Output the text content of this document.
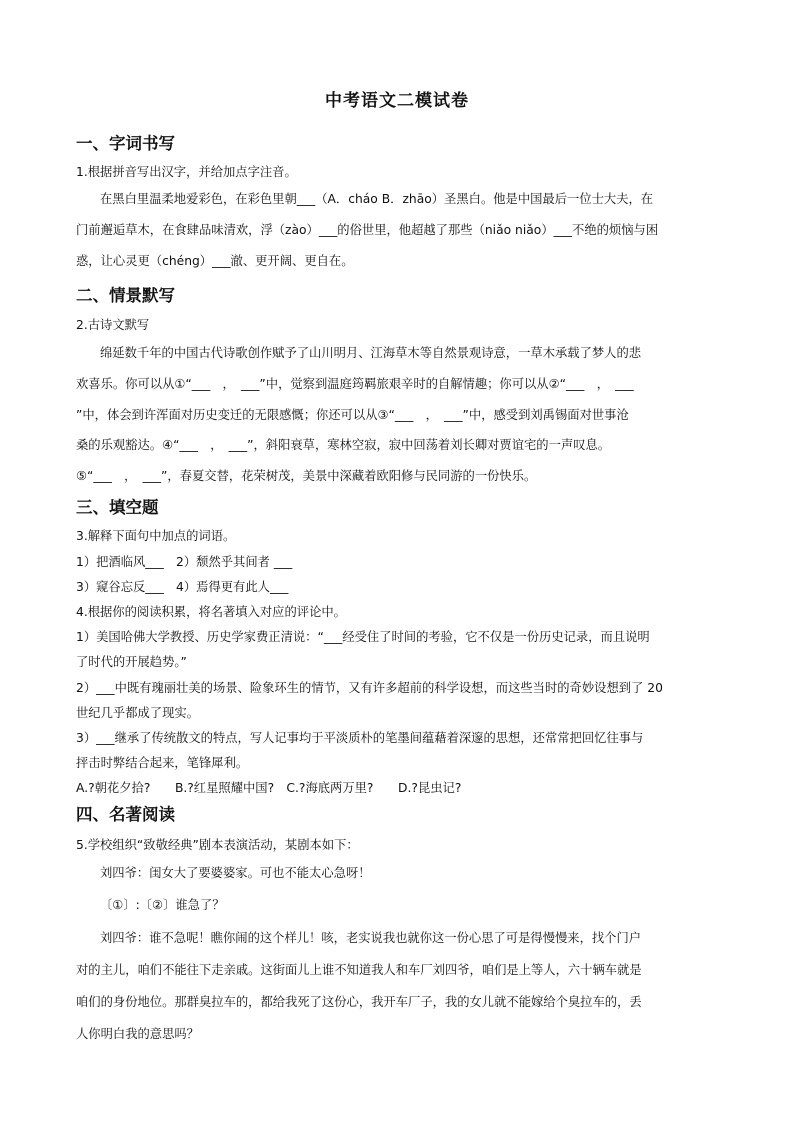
中考语文二模试卷
一、字词书写
1.根据拼音写出汉字，并给加点字注音。
在黑白里温柔地爱彩色，在彩色里朝___（A．cháo B．zhāo）圣黑白。他是中国最后一位士大夫，在
门前邂逅草木，在食肆品味清欢，浮（zào）___的俗世里，他超越了那些（niǎo niǎo）___不绝的烦恼与困
惑，让心灵更（chéng）___澈、更开阔、更自在。
二、情景默写
2.古诗文默写
绵延数千年的中国古代诗歌创作赋予了山川明月、江海草木等自然景观诗意，一草木承载了梦人的悲
欢喜乐。你可以从①“___　，　___”中，觉察到温庭筠羁旅艰辛时的自解情趣；你可以从②“___　，　___
”中，体会到许浑面对历史变迁的无限感慨；你还可以从③“___　，　___”中，感受到刘禹锡面对世事沧
桑的乐观豁达。④“___　，　___”，斜阳衰草，寒林空寂，寂中回荡着刘长卿对贾谊宅的一声叹息。
⑤“___　，　___”，春夏交替，花荣树茂，美景中深藏着欧阳修与民同游的一份快乐。
三、填空题
3.解释下面句中加点的词语。
1）把酒临风___　2）颓然乎其间者 ___
3）窥谷忘反___　4）焉得更有此人___
4.根据你的阅读积累，将名著填入对应的评论中。
1）美国哈佛大学教授、历史学家费正清说：“___经受住了时间的考验，它不仅是一份历史记录，而且说明
了时代的开展趋势。”
2）___中既有瑰丽壮美的场景、险象环生的情节，又有许多超前的科学设想，而这些当时的奇妙设想到了 20
世纪几乎都成了现实。
3）___继承了传统散文的特点，写人记事均于平淡质朴的笔墨间蕴藉着深邃的思想，还常常把回忆往事与
抨击时弊结合起来，笔锋犀利。
A.?朝花夕拾?　　B.?红星照耀中国?　C.?海底两万里?　　D.?昆虫记?
四、名著阅读
5.学校组织“致敬经典”剧本表演活动，某剧本如下：
刘四爷：闺女大了要婆婆家。可也不能太心急呀！
〔①〕:〔②〕谁急了？
刘四爷：谁不急呢！瞧你闹的这个样儿！咳，老实说我也就你这一份心思了可是得慢慢来，找个门户
对的主儿，咱们不能往下走亲戚。这街面儿上谁不知道我人和车厂刘四爷，咱们是上等人，六十辆车就是
咱们的身份地位。那群臭拉车的，都给我死了这份心，我开车厂子，我的女儿就不能嫁给个臭拉车的，丢
人你明白我的意思吗？
